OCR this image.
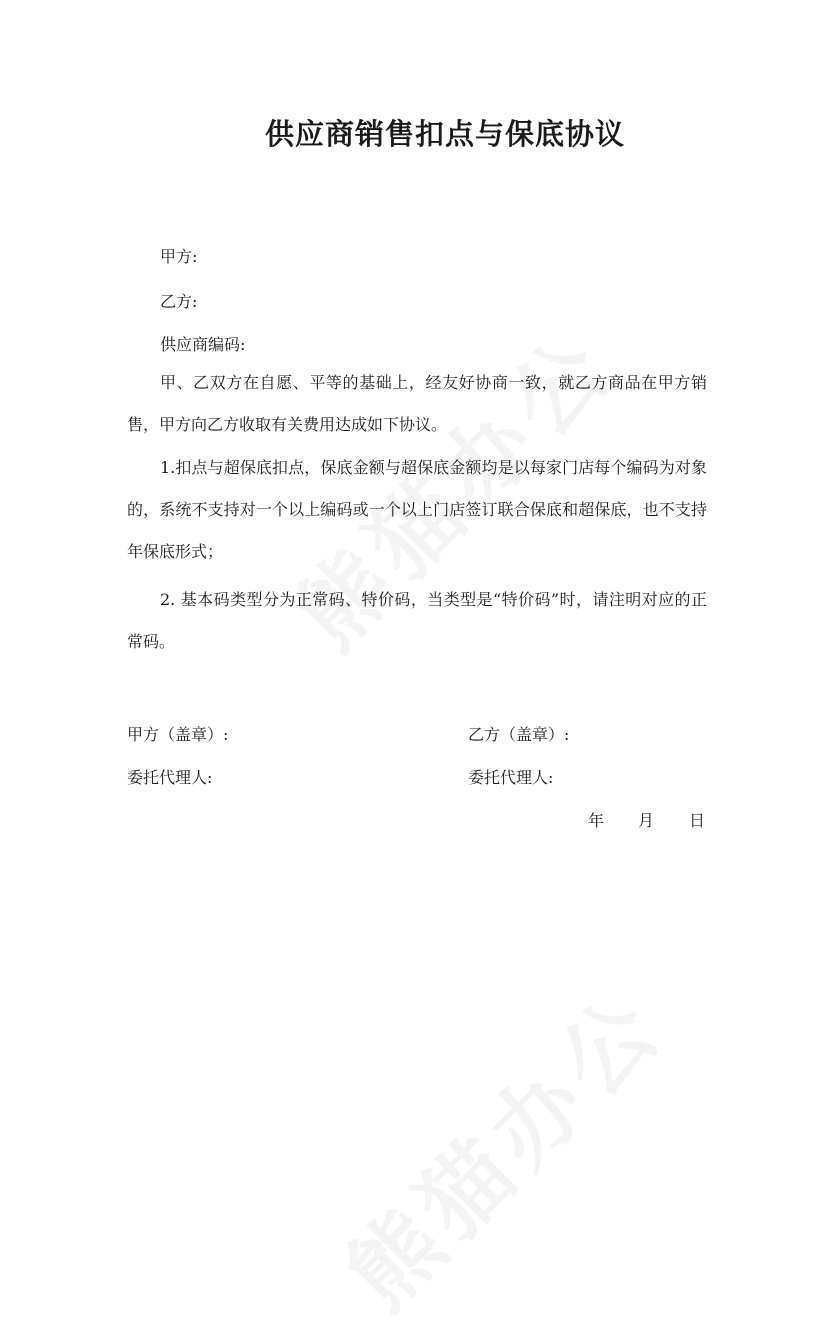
供应商销售扣点与保底协议
甲方:
乙方:
供应商编码:
甲、乙双方在自愿、平等的基础上，经友好协商一致，就乙方商品在甲方销售，甲方向乙方收取有关费用达成如下协议。
1.扣点与超保底扣点，保底金额与超保底金额均是以每家门店每个编码为对象的，系统不支持对一个以上编码或一个以上门店签订联合保底和超保底，也不支持年保底形式；
2. 基本码类型分为正常码、特价码，当类型是“特价码”时，请注明对应的正常码。
甲方（盖章）:	乙方（盖章）:
委托代理人:	委托代理人:
年 月 日
